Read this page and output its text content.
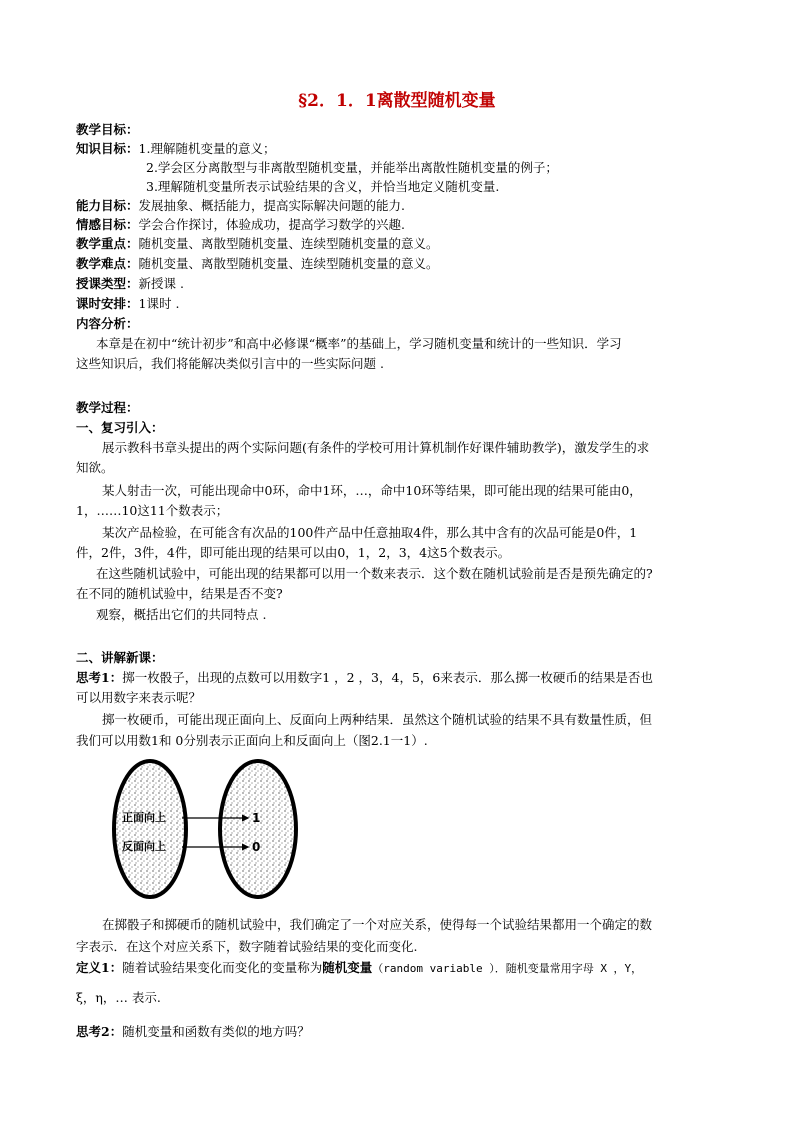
§2．1．1离散型随机变量
教学目标：
知识目标：1.理解随机变量的意义；
2.学会区分离散型与非离散型随机变量，并能举出离散性随机变量的例子；
3.理解随机变量所表示试验结果的含义，并恰当地定义随机变量.
能力目标：发展抽象、概括能力，提高实际解决问题的能力.
情感目标：学会合作探讨，体验成功，提高学习数学的兴趣.
教学重点：随机变量、离散型随机变量、连续型随机变量的意义。
教学难点：随机变量、离散型随机变量、连续型随机变量的意义。
授课类型：新授课 .
课时安排：1课时 .
内容分析：
本章是在初中“统计初步”和高中必修课“概率”的基础上，学习随机变量和统计的一些知识．学习
这些知识后，我们将能解决类似引言中的一些实际问题 .
教学过程：
一、复习引入：
展示教科书章头提出的两个实际问题(有条件的学校可用计算机制作好课件辅助教学)，激发学生的求
知欲。
某人射击一次，可能出现命中0环，命中1环，…，命中10环等结果，即可能出现的结果可能由0，
1，……10这11个数表示；
某次产品检验，在可能含有次品的100件产品中任意抽取4件，那么其中含有的次品可能是0件，1
件，2件，3件，4件，即可能出现的结果可以由0，1，2，3，4这5个数表示。
在这些随机试验中，可能出现的结果都可以用一个数来表示．这个数在随机试验前是否是预先确定的?
在不同的随机试验中，结果是否不变?
观察，概括出它们的共同特点 .
二、讲解新课：
思考1：掷一枚骰子，出现的点数可以用数字1 ，2 ，3，4，5，6来表示．那么掷一枚硬币的结果是否也
可以用数字来表示呢？
掷一枚硬币，可能出现正面向上、反面向上两种结果．虽然这个随机试验的结果不具有数量性质，但
我们可以用数1和 0分别表示正面向上和反面向上（图2.1一1）.
正面向上
反面向上
1
0
在掷骰子和掷硬币的随机试验中，我们确定了一个对应关系，使得每一个试验结果都用一个确定的数
字表示．在这个对应关系下，数字随着试验结果的变化而变化.
定义1：随着试验结果变化而变化的变量称为随机变量（random variable ）．随机变量常用字母 X ，Y，
ξ，η，… 表示.
思考2：随机变量和函数有类似的地方吗？
